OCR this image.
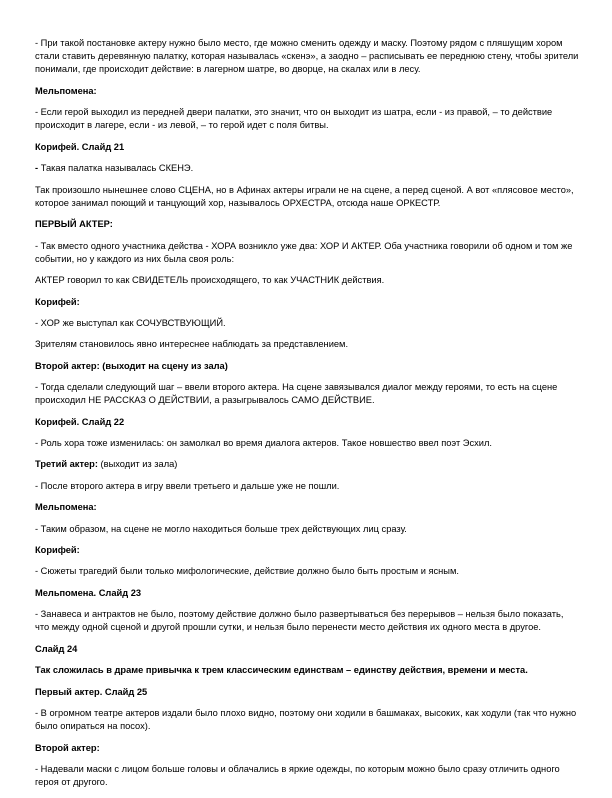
- При такой постановке актеру нужно было место, где можно сменить одежду и маску. Поэтому рядом с пляшущим хором стали ставить деревянную палатку, которая называлась «скенэ», а заодно – расписывать ее переднюю стену, чтобы зрители понимали, где происходит действие: в лагерном шатре, во дворце, на скалах или в лесу.

Мельпомена:

- Если герой выходил из передней двери палатки, это значит, что он выходит из шатра, если - из правой, – то действие происходит в лагере, если - из левой, – то герой идет с поля битвы.

Корифей. Слайд 21

- Такая палатка называлась СКЕНЭ.

Так произошло нынешнее слово СЦЕНА, но в Афинах актеры играли не на сцене, а перед сценой. А вот «плясовое место», которое занимал поющий и танцующий хор, называлось ОРХЕСТРА, отсюда наше ОРКЕСТР.

ПЕРВЫЙ АКТЕР:

- Так вместо одного участника действа - ХОРА возникло уже два: ХОР И АКТЕР. Оба участника говорили об одном и том же событии, но у каждого из них была своя роль:

АКТЕР говорил то как СВИДЕТЕЛЬ происходящего, то как УЧАСТНИК действия.

Корифей:

- ХОР же выступал как СОЧУВСТВУЮЩИЙ.

Зрителям становилось явно интереснее наблюдать за представлением.

Второй актер: (выходит на сцену из зала)

- Тогда сделали следующий шаг – ввели второго актера. На сцене завязывался диалог между героями, то есть на сцене происходил НЕ РАССКАЗ О ДЕЙСТВИИ, а разыгрывалось САМО ДЕЙСТВИЕ.

Корифей. Слайд 22

- Роль хора тоже изменилась: он замолкал во время диалога актеров. Такое новшество ввел поэт Эсхил.

Третий актер: (выходит из зала)

- После второго актера в игру ввели третьего и дальше уже не пошли.

Мельпомена:

- Таким образом, на сцене не могло находиться больше трех действующих лиц сразу.

Корифей:

- Сюжеты трагедий были только мифологические, действие должно было быть простым и ясным.

Мельпомена. Слайд 23

- Занавеса и антрактов не было, поэтому действие должно было развертываться без перерывов – нельзя было показать, что между одной сценой и другой прошли сутки, и нельзя было перенести место действия их одного места в другое.

Слайд 24

Так сложилась в драме привычка к трем классическим единствам – единству действия, времени и места.

Первый актер. Слайд 25

- В огромном театре актеров издали было плохо видно, поэтому они ходили в башмаках, высоких, как ходули (так что нужно было опираться на посох).

Второй актер:

- Надевали маски с лицом больше головы и облачались в яркие одежды, по которым можно было сразу отличить одного героя от другого.
